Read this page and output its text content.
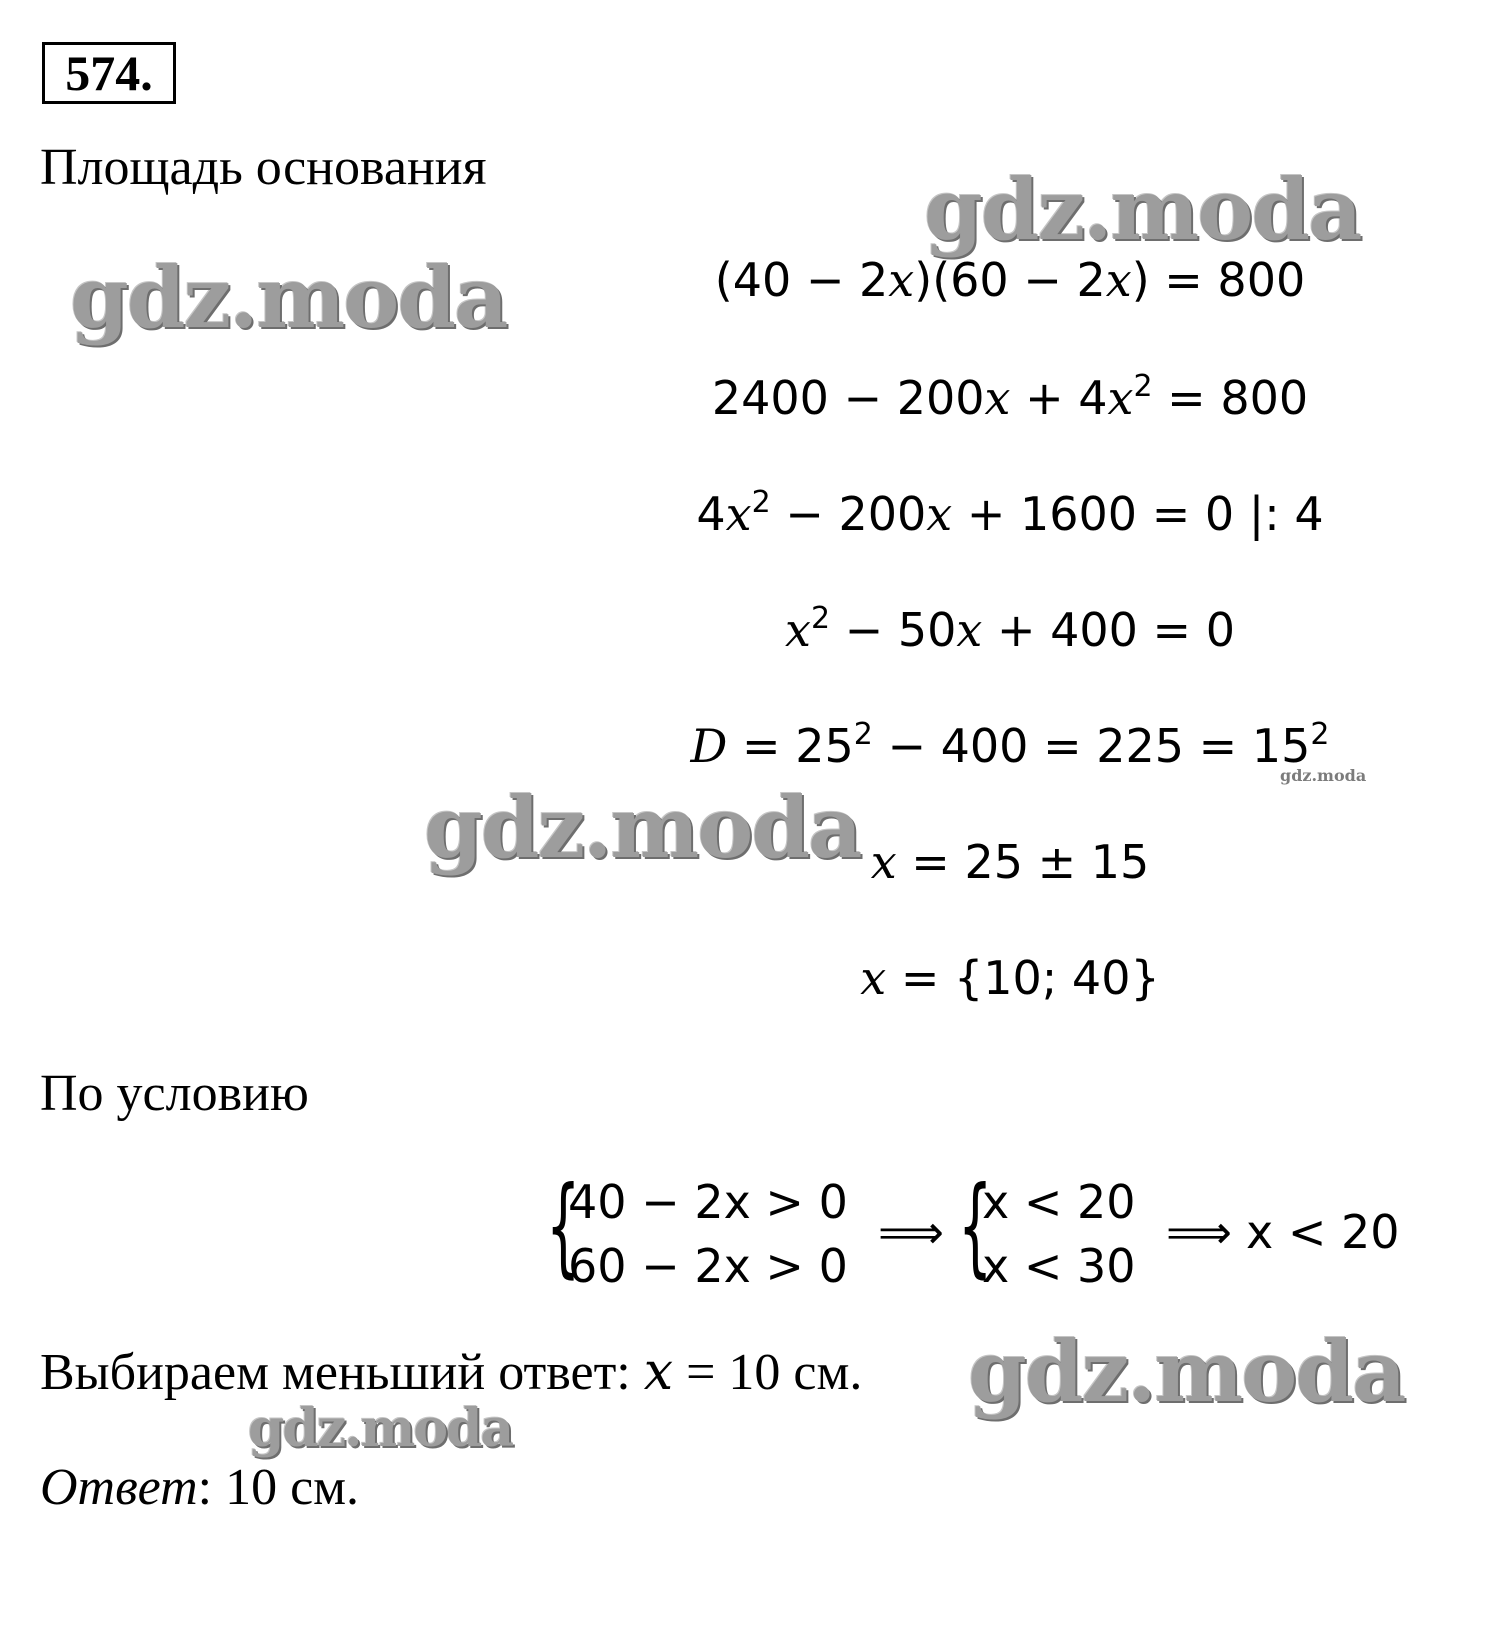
574.
Площадь основания
(40 − 2x)(60 − 2x) = 800
$2400 - 200x + 4x^2 = 800$
$4x^2 - 200x + 1600 = 0$ |: 4
$x^2 - 50x + 400 = 0$
$D = 25^2 - 400 = 225 = 15^2$
x = 25 ± 15
x = {10; 40}
По условию
{
40 − 2x > 0
60 − 2x > 0
⟹ {
x < 20
x < 30
⟹ x < 20
Выбираем меньший ответ: x = 10 см.
Ответ: 10 см.
gdz.moda
gdz.moda
gdz.moda
gdz.moda
gdz.moda
gdz.moda
